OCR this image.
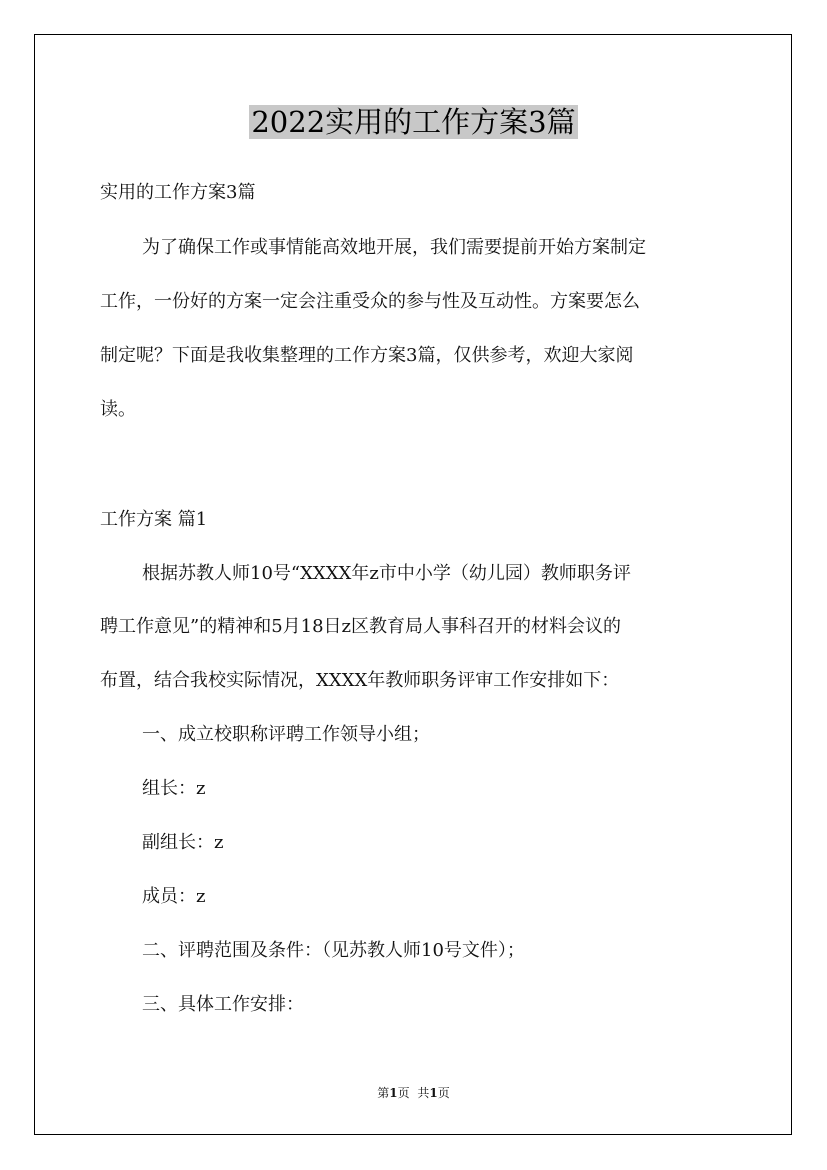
2022实用的工作方案3篇

实用的工作方案3篇

为了确保工作或事情能高效地开展，我们需要提前开始方案制定

工作，一份好的方案一定会注重受众的参与性及互动性。方案要怎么

制定呢？下面是我收集整理的工作方案3篇，仅供参考，欢迎大家阅

读。

工作方案 篇1

根据苏教人师10号“XXXX年z市中小学（幼儿园）教师职务评

聘工作意见”的精神和5月18日z区教育局人事科召开的材料会议的

布置，结合我校实际情况，XXXX年教师职务评审工作安排如下：

一、成立校职称评聘工作领导小组；

组长：z

副组长：z

成员：z

二、评聘范围及条件：（见苏教人师10号文件）；

三、具体工作安排：

第1页 共1页
